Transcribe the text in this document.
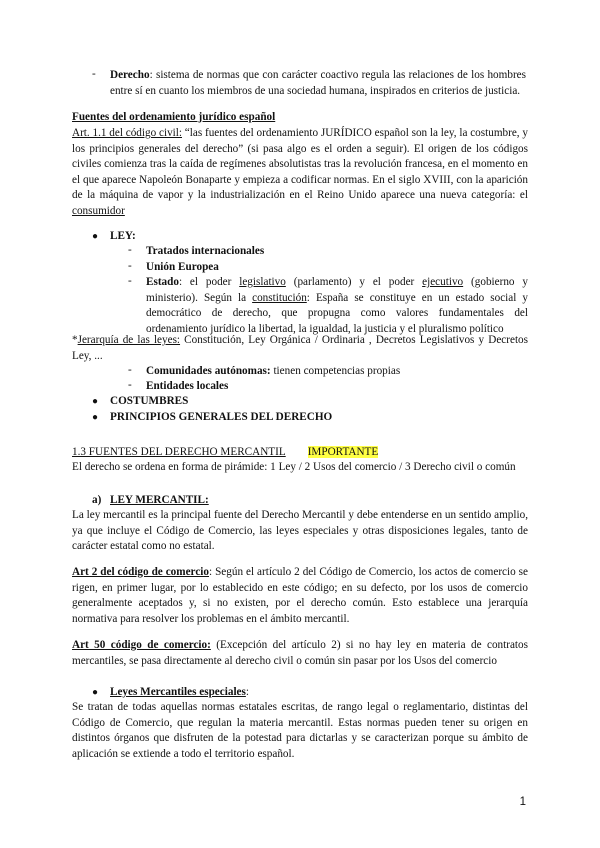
- Derecho: sistema de normas que con carácter coactivo regula las relaciones de los hombres entre sí en cuanto los miembros de una sociedad humana, inspirados en criterios de justicia.
Fuentes del ordenamiento jurídico español
Art. 1.1 del código civil: “las fuentes del ordenamiento JURÍDICO español son la ley, la costumbre, y los principios generales del derecho” (si pasa algo es el orden a seguir). El origen de los códigos civiles comienza tras la caída de regímenes absolutistas tras la revolución francesa, en el momento en el que aparece Napoleón Bonaparte y empieza a codificar normas. En el siglo XVIII, con la aparición de la máquina de vapor y la industrialización en el Reino Unido aparece una nueva categoría: el consumidor
● LEY:
- Tratados internacionales
- Unión Europea
- Estado: el poder legislativo (parlamento) y el poder ejecutivo (gobierno y ministerio). Según la constitución: España se constituye en un estado social y democrático de derecho, que propugna como valores fundamentales del ordenamiento jurídico la libertad, la igualdad, la justicia y el pluralismo político
*Jerarquía de las leyes: Constitución, Ley Orgánica / Ordinaria , Decretos Legislativos y Decretos Ley, ...
- Comunidades autónomas: tienen competencias propias
- Entidades locales
● COSTUMBRES
● PRINCIPIOS GENERALES DEL DERECHO
1.3 FUENTES DEL DERECHO MERCANTIL IMPORTANTE
El derecho se ordena en forma de pirámide: 1 Ley / 2 Usos del comercio / 3 Derecho civil o común
a) LEY MERCANTIL:
La ley mercantil es la principal fuente del Derecho Mercantil y debe entenderse en un sentido amplio, ya que incluye el Código de Comercio, las leyes especiales y otras disposiciones legales, tanto de carácter estatal como no estatal.
Art 2 del código de comercio: Según el artículo 2 del Código de Comercio, los actos de comercio se rigen, en primer lugar, por lo establecido en este código; en su defecto, por los usos de comercio generalmente aceptados y, si no existen, por el derecho común. Esto establece una jerarquía normativa para resolver los problemas en el ámbito mercantil.
Art 50 código de comercio: (Excepción del artículo 2) si no hay ley en materia de contratos mercantiles, se pasa directamente al derecho civil o común sin pasar por los Usos del comercio
● Leyes Mercantiles especiales:
Se tratan de todas aquellas normas estatales escritas, de rango legal o reglamentario, distintas del Código de Comercio, que regulan la materia mercantil. Estas normas pueden tener su origen en distintos órganos que disfruten de la potestad para dictarlas y se caracterizan porque su ámbito de aplicación se extiende a todo el territorio español.
1
